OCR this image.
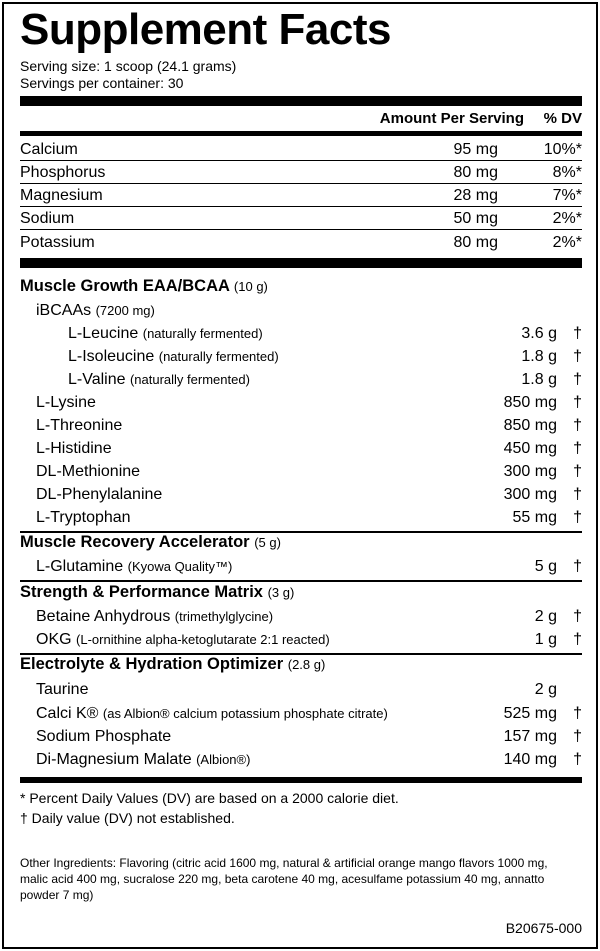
Supplement Facts
Serving size: 1 scoop (24.1 grams)
Servings per container: 30
Amount Per Serving % DV
Calcium	95 mg	10%*
Phosphorus	80 mg	8%*
Magnesium	28 mg	7%*
Sodium	50 mg	2%*
Potassium	80 mg	2%*
Muscle Growth EAA/BCAA (10 g)
iBCAAs (7200 mg)
L-Leucine (naturally fermented)	3.6 g †
L-Isoleucine (naturally fermented)	1.8 g †
L-Valine (naturally fermented)	1.8 g †
L-Lysine	850 mg †
L-Threonine	850 mg †
L-Histidine	450 mg †
DL-Methionine	300 mg †
DL-Phenylalanine	300 mg †
L-Tryptophan	55 mg †
Muscle Recovery Accelerator (5 g)
L-Glutamine (Kyowa Quality™)	5 g †
Strength & Performance Matrix (3 g)
Betaine Anhydrous (trimethylglycine)	2 g †
OKG (L-ornithine alpha-ketoglutarate 2:1 reacted)	1 g †
Electrolyte & Hydration Optimizer (2.8 g)
Taurine	2 g
Calci K® (as Albion® calcium potassium phosphate citrate)	525 mg †
Sodium Phosphate	157 mg †
Di-Magnesium Malate (Albion®)	140 mg †
* Percent Daily Values (DV) are based on a 2000 calorie diet.
† Daily value (DV) not established.
Other Ingredients: Flavoring (citric acid 1600 mg, natural & artificial orange mango flavors 1000 mg, malic acid 400 mg, sucralose 220 mg, beta carotene 40 mg, acesulfame potassium 40 mg, annatto powder 7 mg)
B20675-000
